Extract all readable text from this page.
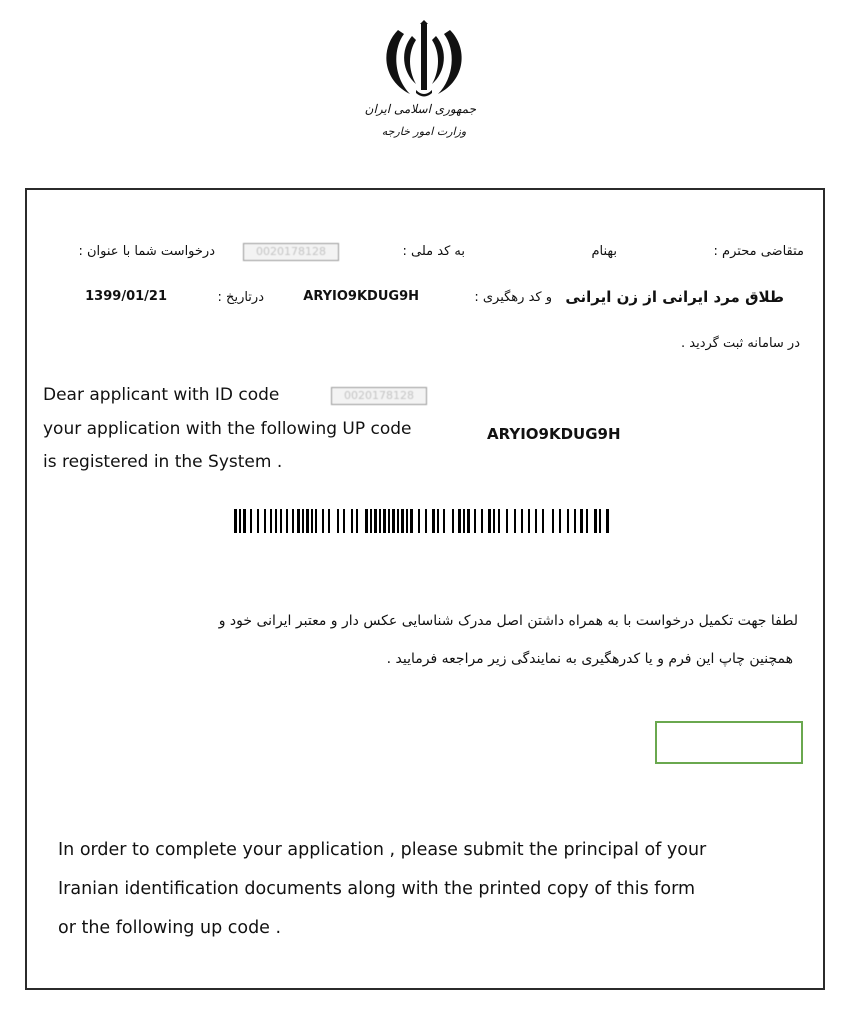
جمهوری اسلامی ایران
وزارت امور خارجه
متقاضی محترم :
بهنام
به کد ملی :
0020178128
درخواست شما با عنوان :
طلاق مرد ایرانی از زن ایرانی
و کد رهگیری :
ARYIO9KDUG9H
درتاریخ :
1399/01/21
در سامانه ثبت گردید .
Dear applicant with ID code	0020178128
your application with the following UP code	ARYIO9KDUG9H
is registered in the System .
لطفا جهت تکمیل درخواست با به همراه داشتن اصل مدرک شناسایی عکس دار و معتبر ایرانی خود و
همچنین چاپ این فرم و یا کدرهگیری به نمایندگی زیر مراجعه فرمایید .
In order to complete your application , please submit the principal of your
Iranian identification documents along with the printed copy of this form
or the following up code .
